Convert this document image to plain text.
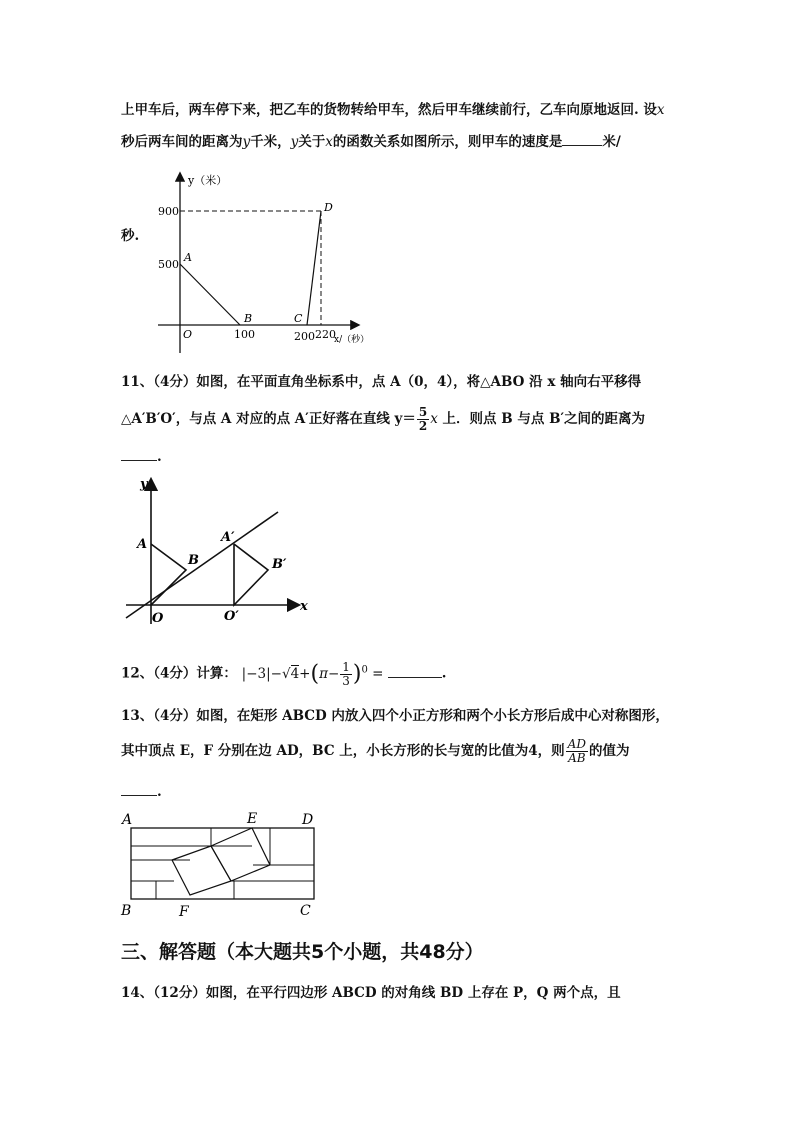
上甲车后，两车停下来，把乙车的货物转给甲车，然后甲车继续前行，乙车向原地返回. 设x
秒后两车间的距离为y千米，y关于x的函数关系如图所示，则甲车的速度是	米/
秒.
y（米）
x/（秒）
O
900
500
100	200 220
A
B	C
D
11、（4分）如图，在平面直角坐标系中，点 A（0，4），将△ABO 沿 x 轴向右平移得
△A′B′O′，与点 A 对应的点 A′正好落在直线 $y= \frac{5}{2}$ x 上．则点 B 与点 B′之间的距离为
.
y
x
O	O′
A
B
A′
B′
12、（4分）计算： $|-3|-√4+(\pi- \frac{1}{3} )^0$ =	.
13、（4分）如图，在矩形 ABCD 内放入四个小正方形和两个小长方形后成中心对称图形，
其中顶点 E，F 分别在边 AD，BC 上，小长方形的长与宽的比值为4，则 $\frac{AD}{AB}$ 的值为
.
A
B	C
D
E
F
三、解答题（本大题共5个小题，共48分）
14、（12分）如图，在平行四边形 ABCD 的对角线 BD 上存在 P，Q 两个点，且
